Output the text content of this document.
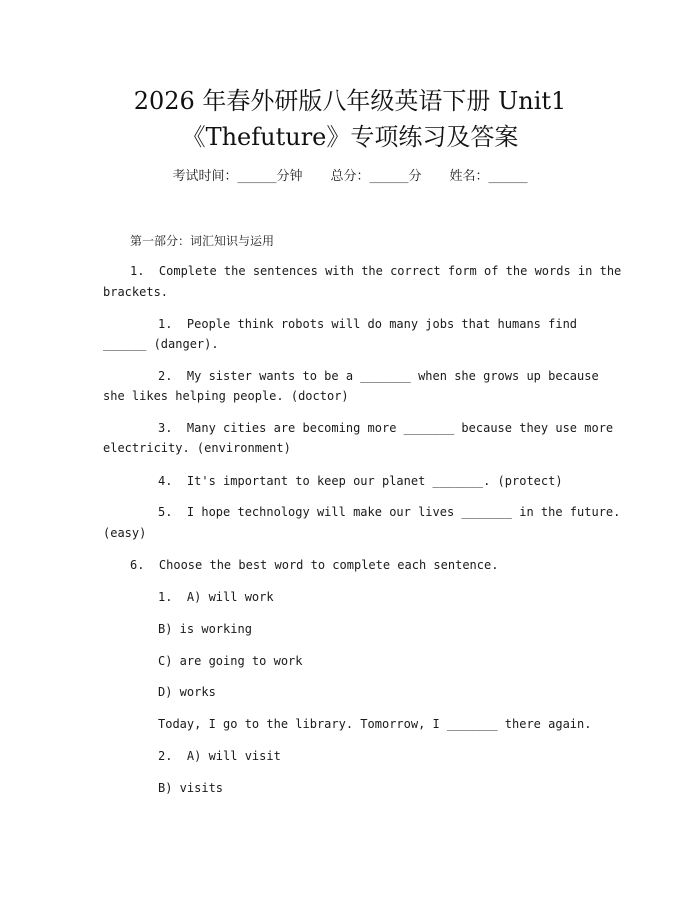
2026 年春外研版八年级英语下册 Unit1
《Thefuture》专项练习及答案
考试时间：______分钟 总分：______分 姓名：______
第一部分：词汇知识与运用
1.  Complete the sentences with the correct form of the words in the
brackets.
1.  People think robots will do many jobs that humans find
______ (danger).
2.  My sister wants to be a _______ when she grows up because
she likes helping people. (doctor)
3.  Many cities are becoming more _______ because they use more
electricity. (environment)
4.  It's important to keep our planet _______. (protect)
5.  I hope technology will make our lives _______ in the future.
(easy)
6.  Choose the best word to complete each sentence.
1.  A) will work
B) is working
C) are going to work
D) works
Today, I go to the library. Tomorrow, I _______ there again.
2.  A) will visit
B) visits
